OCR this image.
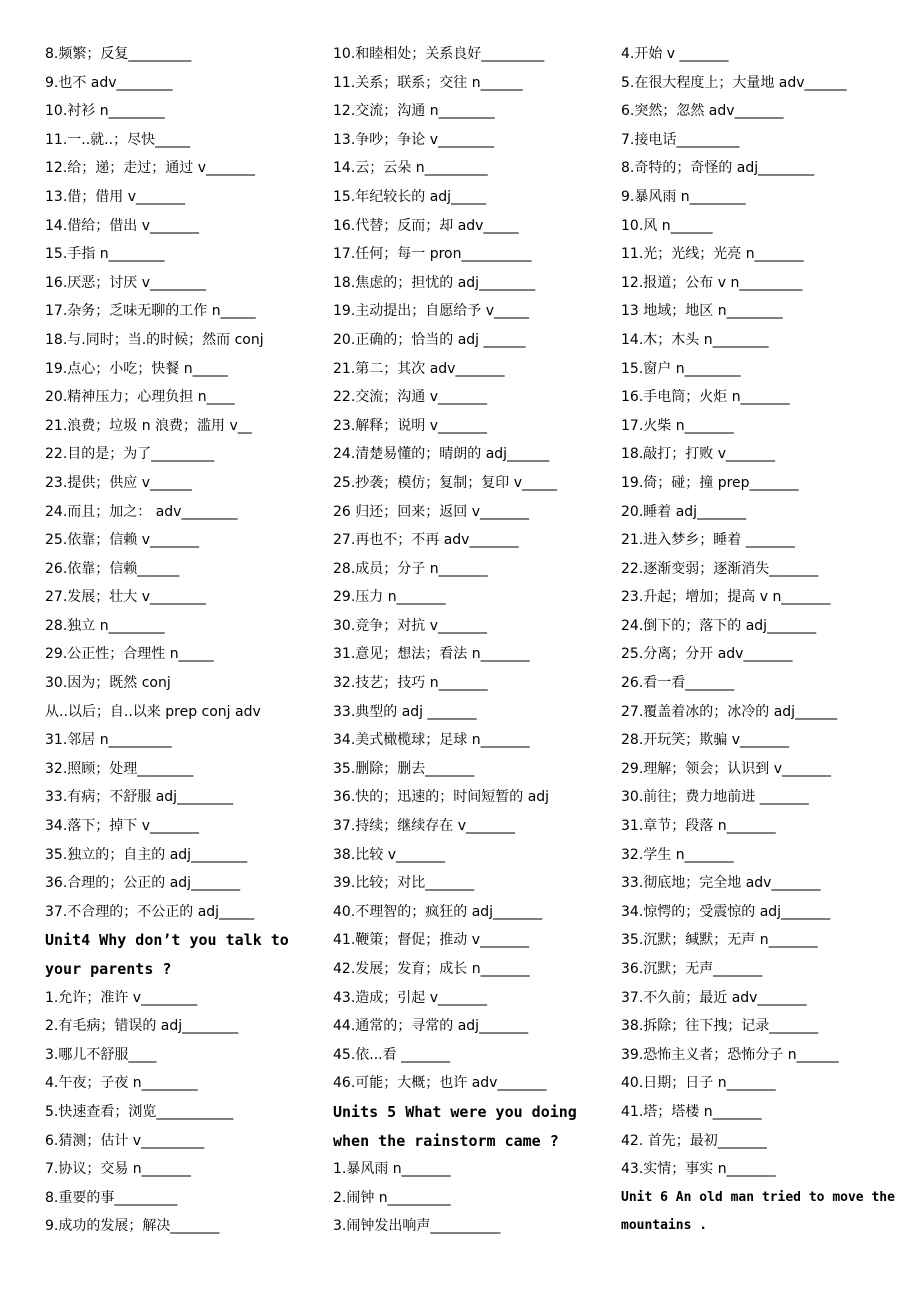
8.频繁；反复_________
9.也不 adv________
10.衬衫 n________
11.一..就..；尽快_____
12.给；递；走过；通过 v_______
13.借；借用 v_______
14.借给；借出 v_______
15.手指 n________
16.厌恶；讨厌 v________
17.杂务；乏味无聊的工作 n_____
18.与.同时；当.的时候；然而 conj
19.点心；小吃；快餐 n_____
20.精神压力；心理负担 n____
21.浪费；垃圾 n 浪费；滥用 v__
22.目的是；为了_________
23.提供；供应 v______
24.而且；加之： adv________
25.依靠；信赖 v_______
26.依靠；信赖______
27.发展；壮大 v________
28.独立 n________
29.公正性；合理性 n_____
30.因为；既然 conj
从..以后；自..以来 prep conj adv
31.邻居 n_________
32.照顾；处理________
33.有病；不舒服 adj________
34.落下；掉下 v_______
35.独立的；自主的 adj________
36.合理的；公正的 adj_______
37.不合理的；不公正的 adj_____
Unit4 Why don’t you talk to
your parents ?
1.允许；准许 v________
2.有毛病；错误的 adj________
3.哪儿不舒服____
4.午夜；子夜 n________
5.快速查看；浏览___________
6.猜测；估计 v_________
7.协议；交易 n_______
8.重要的事_________
9.成功的发展；解决_______
10.和睦相处；关系良好_________
11.关系；联系；交往 n______
12.交流；沟通 n________
13.争吵；争论 v________
14.云；云朵 n_________
15.年纪较长的 adj_____
16.代替；反而；却 adv_____
17.任何；每一 pron__________
18.焦虑的；担忧的 adj________
19.主动提出；自愿给予 v_____
20.正确的；恰当的 adj ______
21.第二；其次 adv_______
22.交流；沟通 v_______
23.解释；说明 v_______
24.清楚易懂的；晴朗的 adj______
25.抄袭；模仿；复制；复印 v_____
26 归还；回来；返回 v_______
27.再也不；不再 adv_______
28.成员；分子 n_______
29.压力 n_______
30.竞争；对抗 v_______
31.意见；想法；看法 n_______
32.技艺；技巧 n_______
33.典型的 adj _______
34.美式橄榄球；足球 n_______
35.删除；删去_______
36.快的；迅速的；时间短暂的 adj
37.持续；继续存在 v_______
38.比较 v_______
39.比较；对比_______
40.不理智的；疯狂的 adj_______
41.鞭策；督促；推动 v_______
42.发展；发育；成长 n_______
43.造成；引起 v_______
44.通常的；寻常的 adj_______
45.依...看 _______
46.可能；大概；也许 adv_______
Units 5 What were you doing
when the rainstorm came ?
1.暴风雨 n_______
2.闹钟 n_________
3.闹钟发出响声__________
4.开始 v _______
5.在很大程度上；大量地 adv______
6.突然；忽然 adv_______
7.接电话_________
8.奇特的；奇怪的 adj________
9.暴风雨 n________
10.风 n______
11.光；光线；光亮 n_______
12.报道；公布 v n_________
13 地域；地区 n________
14.木；木头 n________
15.窗户 n________
16.手电筒；火炬 n_______
17.火柴 n_______
18.敲打；打败 v_______
19.倚；碰；撞 prep_______
20.睡着 adj_______
21.进入梦乡；睡着 _______
22.逐渐变弱；逐渐消失_______
23.升起；增加；提高 v n_______
24.倒下的；落下的 adj_______
25.分离；分开 adv_______
26.看一看_______
27.覆盖着冰的；冰冷的 adj______
28.开玩笑；欺骗 v_______
29.理解；领会；认识到 v_______
30.前往；费力地前进 _______
31.章节；段落 n_______
32.学生 n_______
33.彻底地；完全地 adv_______
34.惊愕的；受震惊的 adj_______
35.沉默；缄默；无声 n_______
36.沉默；无声_______
37.不久前；最近 adv_______
38.拆除；往下拽；记录_______
39.恐怖主义者；恐怖分子 n______
40.日期；日子 n_______
41.塔；塔楼 n_______
42. 首先；最初_______
43.实情；事实 n_______
Unit 6 An old man tried to move the
mountains .
